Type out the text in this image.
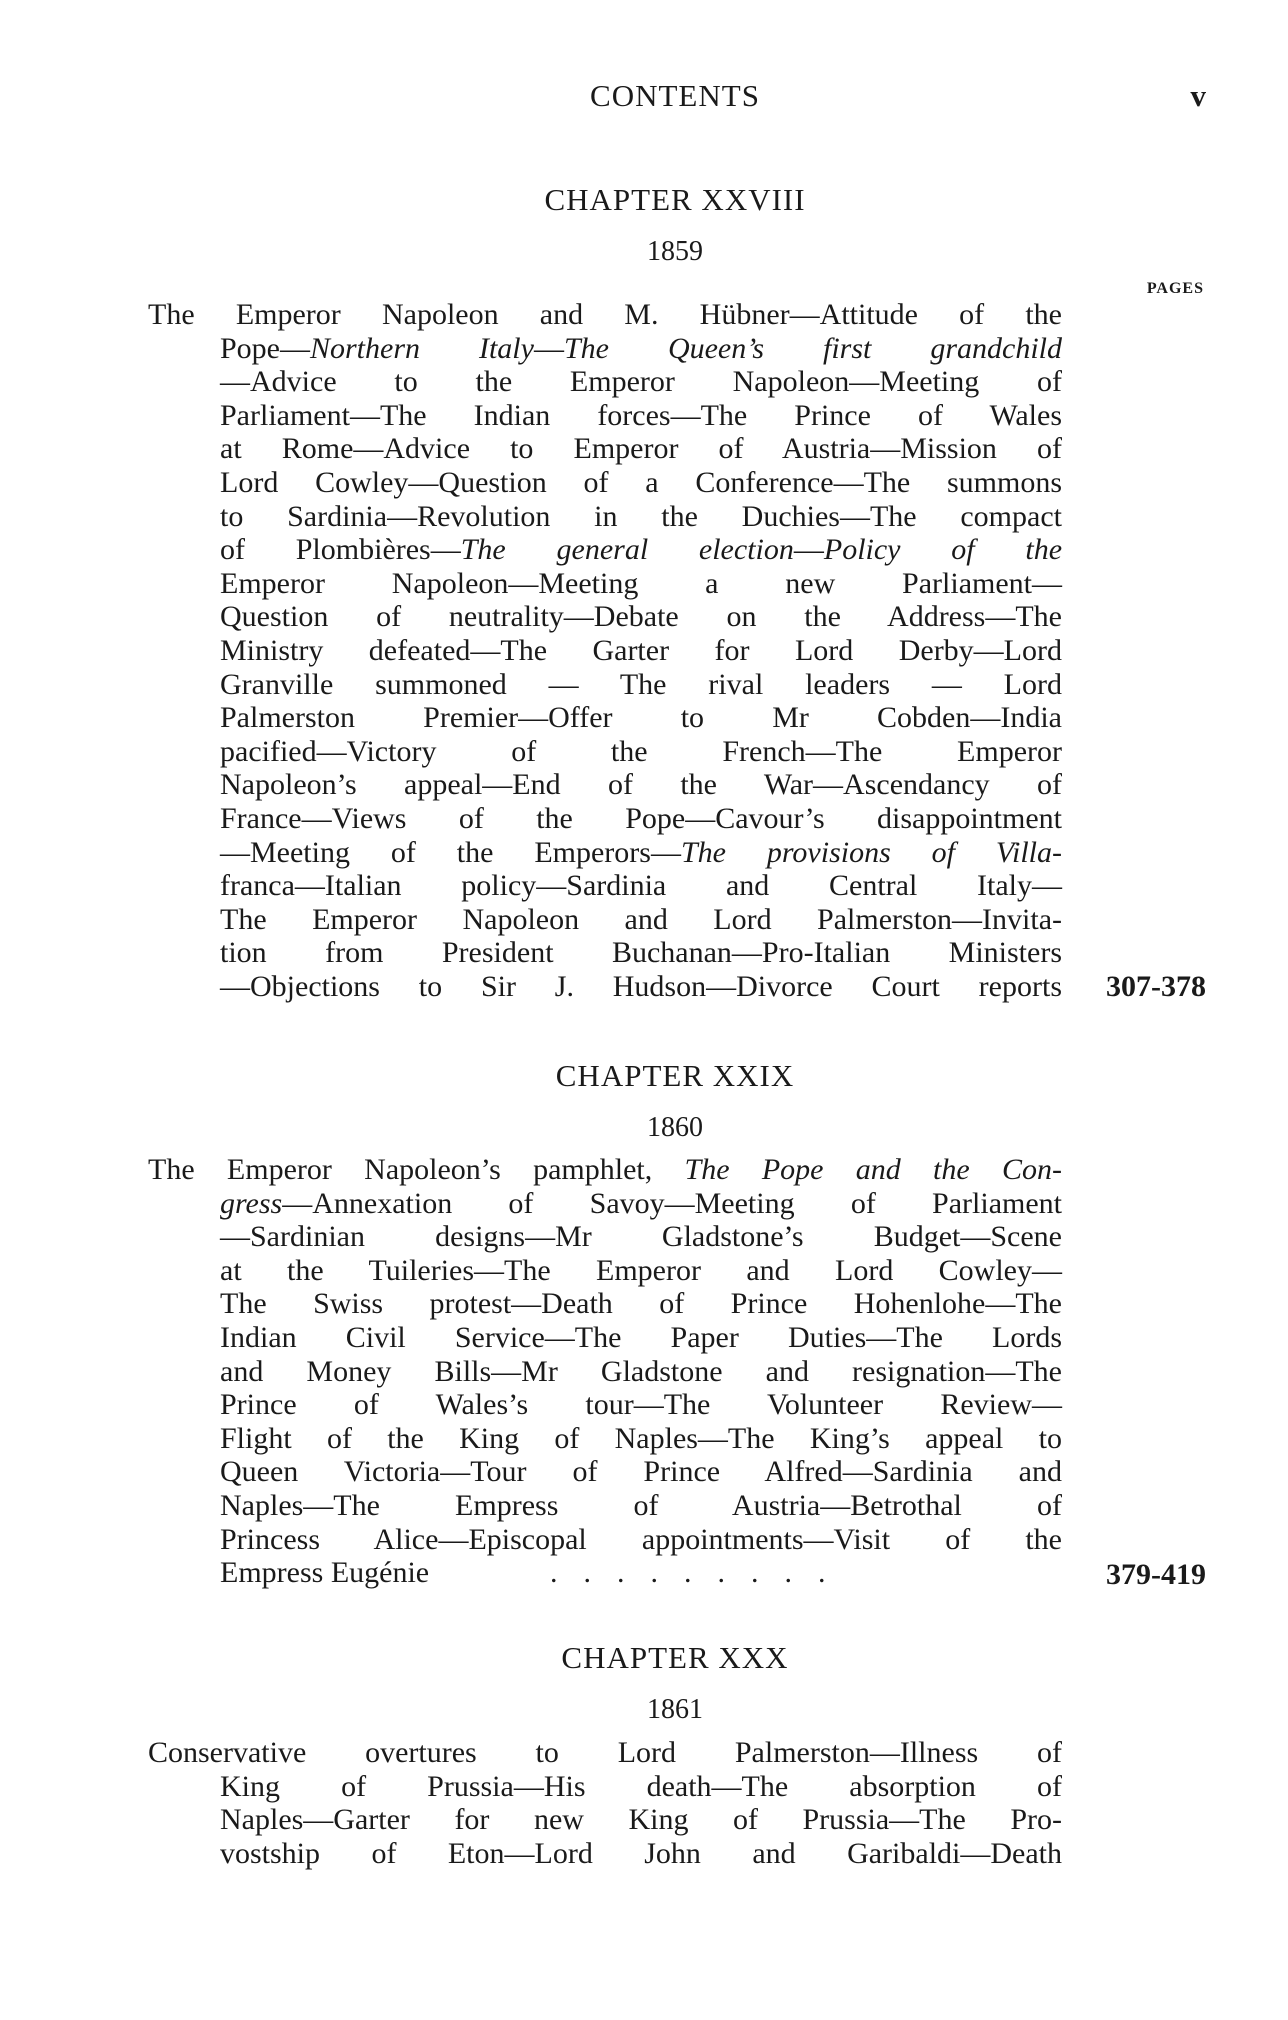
CONTENTS	v
CHAPTER XXVIII
1859
PAGES
The Emperor Napoleon and M. Hübner—Attitude of the
Pope—Northern Italy—The Queen’s first grandchild
—Advice to the Emperor Napoleon—Meeting of
Parliament—The Indian forces—The Prince of Wales
at Rome—Advice to Emperor of Austria—Mission of
Lord Cowley—Question of a Conference—The summons
to Sardinia—Revolution in the Duchies—The compact
of Plombières—The general election—Policy of the
Emperor Napoleon—Meeting a new Parliament—
Question of neutrality—Debate on the Address—The
Ministry defeated—The Garter for Lord Derby—Lord
Granville summoned — The rival leaders — Lord
Palmerston Premier—Offer to Mr Cobden—India
pacified—Victory of the French—The Emperor
Napoleon’s appeal—End of the War—Ascendancy of
France—Views of the Pope—Cavour’s disappointment
—Meeting of the Emperors—The provisions of Villa-
franca—Italian policy—Sardinia and Central Italy—
The Emperor Napoleon and Lord Palmerston—Invita-
tion from President Buchanan—Pro-Italian Ministers
—Objections to Sir J. Hudson—Divorce Court reports 307-378
CHAPTER XXIX
1860
The Emperor Napoleon’s pamphlet, The Pope and the Con-
gress—Annexation of Savoy—Meeting of Parliament
—Sardinian designs—Mr Gladstone’s Budget—Scene
at the Tuileries—The Emperor and Lord Cowley—
The Swiss protest—Death of Prince Hohenlohe—The
Indian Civil Service—The Paper Duties—The Lords
and Money Bills—Mr Gladstone and resignation—The
Prince of Wales’s tour—The Volunteer Review—
Flight of the King of Naples—The King’s appeal to
Queen Victoria—Tour of Prince Alfred—Sardinia and
Naples—The Empress of Austria—Betrothal of
Princess Alice—Episcopal appointments—Visit of the
Empress Eugénie	.........	379-419
CHAPTER XXX
1861
Conservative overtures to Lord Palmerston—Illness of
King of Prussia—His death—The absorption of
Naples—Garter for new King of Prussia—The Pro-
vostship of Eton—Lord John and Garibaldi—Death
